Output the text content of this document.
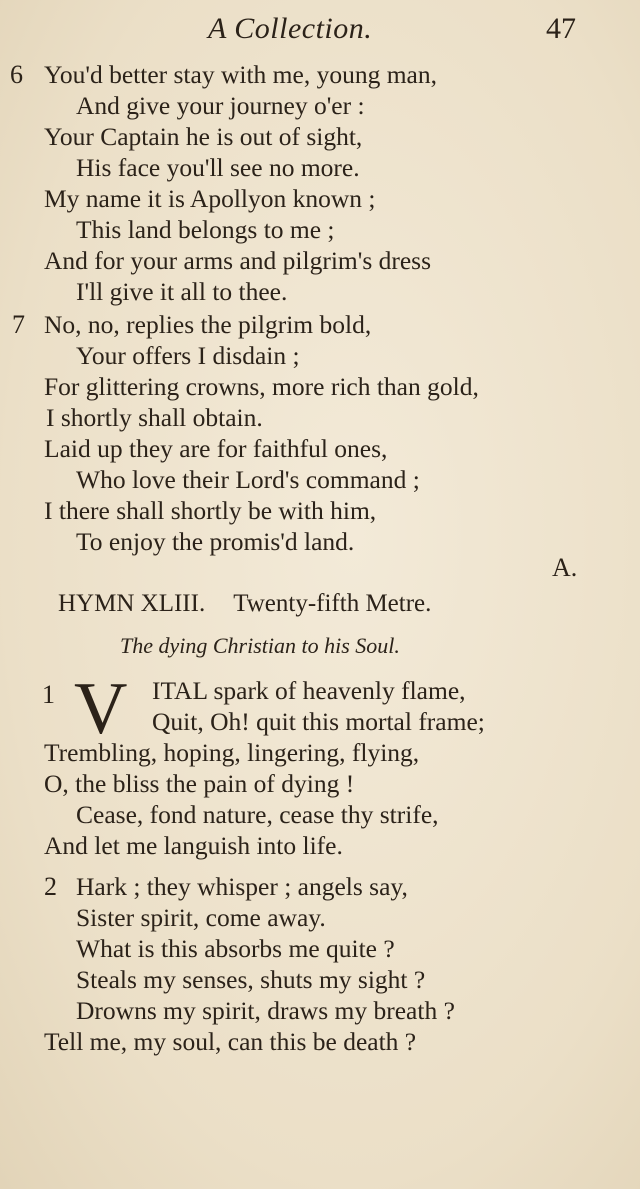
A Collection.	47
6 You'd better stay with me, young man,
And give your journey o'er :
Your Captain he is out of sight,
His face you'll see no more.
My name it is Apollyon known ;
This land belongs to me ;
And for your arms and pilgrim's dress
I'll give it all to thee.
7 No, no, replies the pilgrim bold,
Your offers I disdain ;
For glittering crowns, more rich than gold,
I shortly shall obtain.
Laid up they are for faithful ones,
Who love their Lord's command ;
I there shall shortly be with him,
To enjoy the promis'd land.
A.
HYMN XLIII. Twenty-fifth Metre.
The dying Christian to his Soul.
1 V ITAL spark of heavenly flame,
Quit, Oh! quit this mortal frame;
Trembling, hoping, lingering, flying,
O, the bliss the pain of dying !
Cease, fond nature, cease thy strife,
And let me languish into life.
2 Hark ; they whisper ; angels say,
Sister spirit, come away.
What is this absorbs me quite ?
Steals my senses, shuts my sight ?
Drowns my spirit, draws my breath ?
Tell me, my soul, can this be death ?
